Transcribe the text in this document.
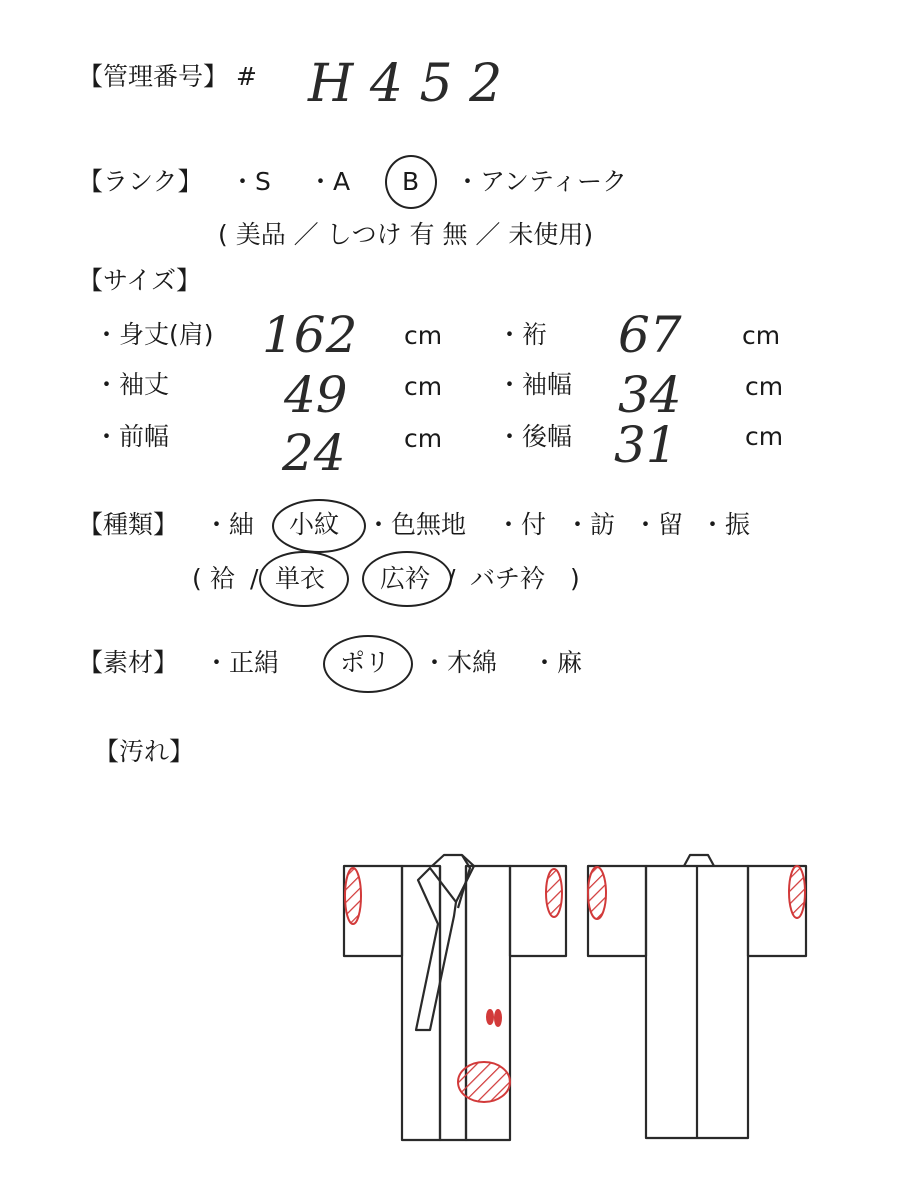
【管理番号】 # H 4 5 2
【ランク】 ・S ・A B ・アンティーク
( 美品 ／ しつけ 有 無 ／ 未使用)
【サイズ】
・身丈(肩) 162 cm ・裄 67 cm
・袖丈 49 cm ・袖幅 34	cm
・前幅 24 cm ・後幅 31	cm
【種類】 ・紬 小紋 ・色無地 ・付 ・訪 ・留 ・振
( 袷 / 単衣 広衿 / バチ衿 )
【素材】 ・正絹 ポリ ・木綿 ・麻
【汚れ】
